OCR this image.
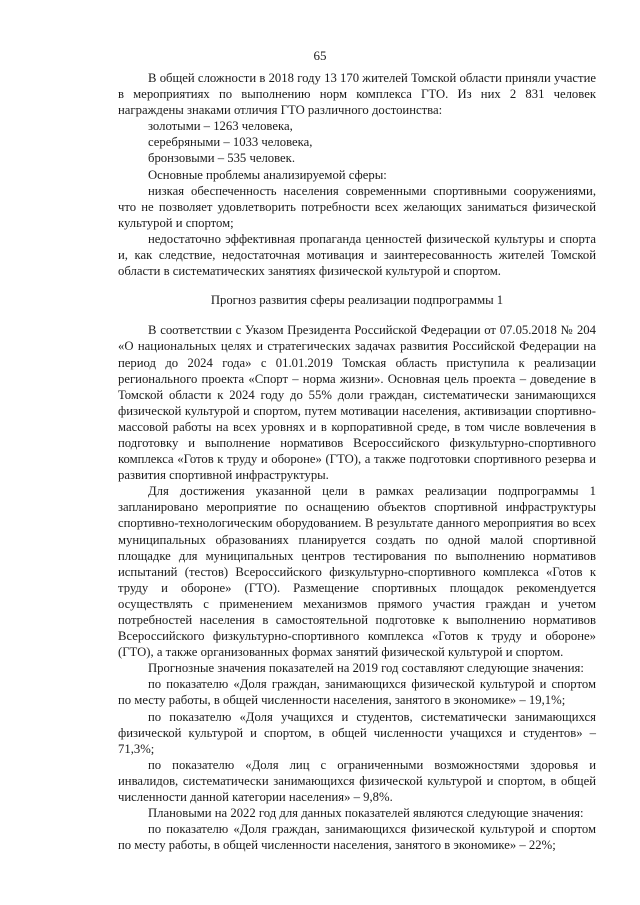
65

В общей сложности в 2018 году 13 170 жителей Томской области приняли участие в мероприятиях по выполнению норм комплекса ГТО. Из них 2 831 человек награждены знаками отличия ГТО различного достоинства:

золотыми – 1263 человека,

серебряными – 1033 человека,

бронзовыми – 535 человек.

Основные проблемы анализируемой сферы:

низкая обеспеченность населения современными спортивными сооружениями, что не позволяет удовлетворить потребности всех желающих заниматься физической культурой и спортом;

недостаточно эффективная пропаганда ценностей физической культуры и спорта и, как следствие, недостаточная мотивация и заинтересованность жителей Томской области в систематических занятиях физической культурой и спортом.

Прогноз развития сферы реализации подпрограммы 1

В соответствии с Указом Президента Российской Федерации от 07.05.2018 № 204 «О национальных целях и стратегических задачах развития Российской Федерации на период до 2024 года» с 01.01.2019 Томская область приступила к реализации регионального проекта «Спорт – норма жизни». Основная цель проекта – доведение в Томской области к 2024 году до 55% доли граждан, систематически занимающихся физической культурой и спортом, путем мотивации населения, активизации спортивно-массовой работы на всех уровнях и в корпоративной среде, в том числе вовлечения в подготовку и выполнение нормативов Всероссийского физкультурно-спортивного комплекса «Готов к труду и обороне» (ГТО), а также подготовки спортивного резерва и развития спортивной инфраструктуры.

Для достижения указанной цели в рамках реализации подпрограммы 1 запланировано мероприятие по оснащению объектов спортивной инфраструктуры спортивно-технологическим оборудованием. В результате данного мероприятия во всех муниципальных образованиях планируется создать по одной малой спортивной площадке для муниципальных центров тестирования по выполнению нормативов испытаний (тестов) Всероссийского физкультурно-спортивного комплекса «Готов к труду и обороне» (ГТО). Размещение спортивных площадок рекомендуется осуществлять с применением механизмов прямого участия граждан и учетом потребностей населения в самостоятельной подготовке к выполнению нормативов Всероссийского физкультурно-спортивного комплекса «Готов к труду и обороне» (ГТО), а также организованных формах занятий физической культурой и спортом.

Прогнозные значения показателей на 2019 год составляют следующие значения:

по показателю «Доля граждан, занимающихся физической культурой и спортом по месту работы, в общей численности населения, занятого в экономике» – 19,1%;

по показателю «Доля учащихся и студентов, систематически занимающихся физической культурой и спортом, в общей численности учащихся и студентов» – 71,3%;

по показателю «Доля лиц с ограниченными возможностями здоровья и инвалидов, систематически занимающихся физической культурой и спортом, в общей численности данной категории населения» – 9,8%.

Плановыми на 2022 год для данных показателей являются следующие значения:

по показателю «Доля граждан, занимающихся физической культурой и спортом по месту работы, в общей численности населения, занятого в экономике» – 22%;
